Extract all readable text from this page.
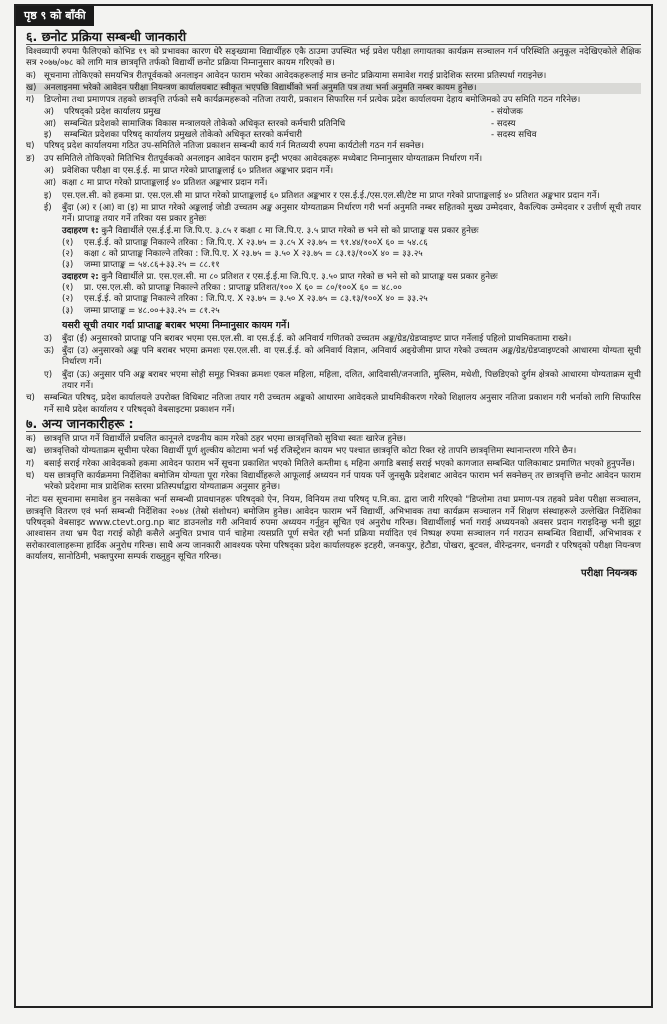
पृष्ठ ९ को बाँकी
६. छनोट प्रक्रिया सम्बन्धी जानकारी

विश्वव्यापी रुपमा फैलिएको कोभिड १९ को प्रभावका कारण धेरै सङ्ख्यामा विद्यार्थीहरु एकै ठाउमा उपस्थित भई प्रवेश परीक्षा लगायतका कार्यक्रम सञ्चालन गर्न परिस्थिति अनुकूल नदेखिएकोले शैक्षिक सत्र २०७७/०७८ को लागि मात्र छात्रवृत्ति तर्फको विद्यार्थी छनोट प्रक्रिया निम्नानुसार कायम गरिएको छ।

क) सूचनामा तोकिएको समयभित्र रीतपूर्वकको अनलाइन आवेदन फाराम भरेका आवेदकहरूलाई मात्र छनोट प्रक्रियामा समावेश गराई प्रादेशिक स्तरमा प्रतिस्पर्धा गराइनेछ।
ख) अनलाइनमा भरेको आवेदन परीक्षा नियन्त्रण कार्यालयबाट स्वीकृत भएपछि विद्यार्थीको भर्ना अनुमति पत्र तथा भर्ना अनुमति नम्बर कायम हुनेछ।
ग)	डिप्लोमा तथा प्रमाणपत्र तहको छात्रवृत्ति तर्फको सबै कार्यक्रमहरूको नतिजा तयारी, प्रकाशन सिफारिस गर्न प्रत्येक प्रदेश कार्यालयमा देहाय बमोजिमको उप समिति गठन गरिनेछ।
अ)	परिषद्‌को प्रदेश कार्यालय प्रमुख	- संयोजक
आ) सम्बन्धित प्रदेशको सामाजिक विकास मन्त्रालयले तोकेको अधिकृत स्तरको कर्मचारी प्रतिनिधि	- सदस्य
इ)	सम्बन्धित प्रदेशका परिषद् कार्यालय प्रमुखले तोकेको अधिकृत स्तरको कर्मचारी	- सदस्य सचिव
घ)	परिषद् प्रदेश कार्यालयमा गठित उप-समितिले नतिजा प्रकाशन सम्बन्धी कार्य गर्न मितव्ययी रुपमा कार्यटोली गठन गर्न सक्नेछ।
ङ)	उप समितिले तोकिएको मितिभित्र रीतपूर्वकको अनलाइन आवेदन फाराम इन्ट्री भएका आवेदकहरू मध्येबाट निम्नानुसार योग्यताक्रम निर्धारण गर्ने।
अ) प्रवेशिका परीक्षा वा एस.ई.ई. मा प्राप्त गरेको प्राप्ताङ्कलाई ६० प्रतिशत अङ्कभार प्रदान गर्ने।
आ) कक्षा ८ मा प्राप्त गरेको प्राप्ताङ्कलाई ४० प्रतिशत अङ्कभार प्रदान गर्ने।
इ)	एस.एल.सी. को हकमा प्रा. एस.एल.सी मा प्राप्त गरेको प्राप्ताङ्कलाई ६० प्रतिशत अङ्कभार र एस.ई.ई./एस.एल.सी/टेष्ट मा प्राप्त गरेको प्राप्ताङ्कलाई ४० प्रतिशत अङ्कभार प्रदान गर्ने।
ई)	बुँदा (अ) र (आ) वा (इ) मा प्राप्त गरेको अङ्कलाई जोडी उच्चतम अङ्क अनुसार योग्यताक्रम निर्धारण गरी भर्ना अनुमति नम्बर सहितको मुख्य उम्मेदवार, वैकल्पिक उम्मेदवार र उत्तीर्ण सूची तयार गर्ने। प्राप्ताङ्क तयार गर्ने तरिका यस प्रकार हुनेछः
उदाहरण १: कुनै विद्यार्थीले एस.ई.ई.मा जि.पि.ए. ३.८५ र कक्षा ८ मा जि.पि.ए. ३.५ प्राप्त गरेको छ भने सो को प्राप्ताङ्क यस प्रकार हुनेछः
(१)	एस.ई.ई. को प्राप्ताङ्क निकाल्ने तरिका : जि.पि.ए. X २३.७५ = ३.८५ X २३.७५ = ९१.४४/१००X ६० = ५४.८६
(२)	कक्षा ८ को प्राप्ताङ्क निकाल्ने तरिका : जि.पि.ए. X २३.७५ = ३.५० X २३.७५ = ८३.१३/१००X ४० = ३३.२५
(३)	जम्मा प्राप्ताङ्क = ५४.८६+३३.२५ = ८८.११
उदाहरण २: कुनै विद्यार्थीले प्रा. एस.एल.सी. मा ८० प्रतिशत र एस.ई.ई.मा जि.पि.ए. ३.५० प्राप्त गरेको छ भने सो को प्राप्ताङ्क यस प्रकार हुनेछः
(१)	प्रा. एस.एल.सी. को प्राप्ताङ्क निकाल्ने तरिका : प्राप्ताङ्क प्रतिशत/१०० X ६० = ८०/१००X ६० = ४८.००
(२)	एस.ई.ई. को प्राप्ताङ्क निकाल्ने तरिका : जि.पि.ए. X २३.७५ = ३.५० X २३.७५ = ८३.१३/१००X ४० = ३३.२५
(३)	जम्मा प्राप्ताङ्क = ४८.००+३३.२५ = ८१.२५
यसरी सूची तयार गर्दा प्राप्ताङ्क बराबर भएमा निम्नानुसार कायम गर्ने।
उ)	बुँदा (ई) अनुसारको प्राप्ताङ्क पनि बराबर भएमा एस.एल.सी. वा एस.ई.ई. को अनिवार्य गणितको उच्चतम अङ्क/ग्रेड/ग्रेडप्वाइण्ट प्राप्त गर्नेलाई पहिलो प्राथमिकतामा राख्ने।
ऊ) बुँदा (उ) अनुसारको अङ्क पनि बराबर भएमा क्रमशः एस.एल.सी. वा एस.ई.ई. को अनिवार्य विज्ञान, अनिवार्य अङ्ग्रेजीमा प्राप्त गरेको उच्चतम अङ्क/ग्रेड/ग्रेडप्वाइण्टको आधारमा योग्यता सूची निर्धारण गर्ने।
ए)	बुँदा (ऊ) अनुसार पनि अङ्क बराबर भएमा सोही समूह भित्रका क्रमशः एकल महिला, महिला, दलित, आदिवासी/जनजाति, मुस्लिम, मधेशी, पिछडिएको दुर्गम क्षेत्रको आधारमा योग्यताक्रम सूची तयार गर्ने।
च)	सम्बन्धित परिषद्, प्रदेश कार्यालयले उपरोक्त विधिबाट नतिजा तयार गरी उच्चतम अङ्कको आधारमा आवेदकले प्राथमिकीकरण गरेको शिक्षालय अनुसार नतिजा प्रकाशन गरी भर्नाको लागि सिफारिस गर्ने साथै प्रदेश कार्यालय र परिषद्‌को वेबसाइटमा प्रकाशन गर्ने।
७. अन्य जानकारीहरू :
क) छात्रवृत्ति प्राप्त गर्ने विद्यार्थीले प्रचलित कानूनले दण्डनीय काम गरेको ठहर भएमा छात्रवृत्तिको सुविधा स्वतः खारेज हुनेछ।
ख) छात्रवृत्तिको योग्यताक्रम सूचीमा परेका विद्यार्थी पूर्ण शुल्कीय कोटामा भर्ना भई रजिस्ट्रेशन कायम भए पश्चात छात्रवृत्ति कोटा रिक्त रहे तापनि छात्रवृत्तिमा स्थानान्तरण गरिने छैन।
ग)	बसाई सराई गरेका आवेदकको हकमा आवेदन फाराम भर्ने सूचना प्रकाशित भएको मितिले कम्तीमा ६ महिना अगाडि बसाई सराई भएको कागजात सम्बन्धित पालिकाबाट प्रमाणित भएको हुनुपर्नेछ।
घ)	यस छात्रवृत्ति कार्यक्रममा निर्देशिका बमोजिम योग्यता पूरा गरेका विद्यार्थीहरूले आफूलाई अध्ययन गर्न पायक पर्ने जुनसुकै प्रदेशबाट आवेदन फाराम भर्न सक्नेछन् तर छात्रवृत्ति छनोट आवेदन फाराम भरेको प्रदेशमा मात्र प्रादेशिक स्तरमा प्रतिस्पर्धाद्वारा योग्यताक्रम अनुसार हुनेछ।

नोटः यस सूचनामा समावेश हुन नसकेका भर्ना सम्बन्धी प्रावधानहरू परिषद्‌को ऐन, नियम, विनियम तथा परिषद् प.नि.का. द्वारा जारी गरिएको "डिप्लोमा तथा प्रमाण-पत्र तहको प्रवेश परीक्षा सञ्चालन, छात्रवृत्ति वितरण एवं भर्ना सम्बन्धी निर्देशिका २०७४ (तेस्रो संशोधन) बमोजिम हुनेछ। आवेदन फाराम भर्ने विद्यार्थी, अभिभावक तथा कार्यक्रम सञ्चालन गर्ने शिक्षण संस्थाहरूले उल्लेखित निर्देशिका परिषद्‌को वेबसाइट www.ctevt.org.np बाट डाउनलोड गरी अनिवार्य रुपमा अध्ययन गर्नुहुन सूचित एवं अनुरोध गरिन्छ। विद्यार्थीलाई भर्ना गराई अध्ययनको अवसर प्रदान गराइदिन्छु भनी झुट्टा आश्वासन तथा भ्रम पैदा गराई कोही कसैले अनुचित प्रभाव पार्न चाहेमा त्यसप्रति पूर्ण सचेत रही भर्ना प्रक्रिया मर्यादित एवं निष्पक्ष रुपमा सञ्चालन गर्न गराउन सम्बन्धित विद्यार्थी, अभिभावक र सरोकारवालाहरूमा हार्दिक अनुरोध गरिन्छ। साथै अन्य जानकारी आवश्यक परेमा परिषद्‌का प्रदेश कार्यालयहरू इटहरी, जनकपुर, हेटौडा, पोखरा, बुटवल, वीरेन्द्रनगर, धनगढी र परिषद्‌को परीक्षा नियन्त्रण कार्यालय, सानोठिमी, भक्तपुरमा सम्पर्क राख्नुहुन सूचित गरिन्छ।

परीक्षा नियन्त्रक
